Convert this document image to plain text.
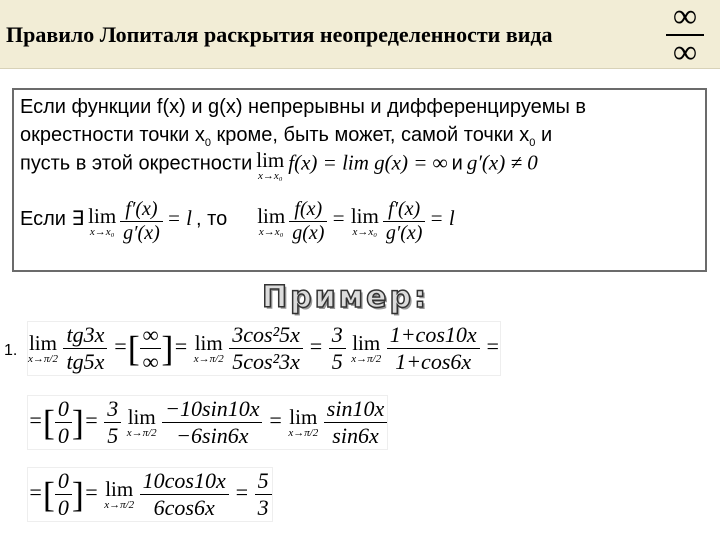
Правило Лопиталя раскрытия неопределенности вида	∞
∞
Если функции f(x) и g(x) непрерывны и дифференцируемы в
окрестности точки $x_0$ кроме, быть может, самой точки $x_0$ и
пусть в этой окрестности lim
x→x₀
f(x) = lim g(x) = ∞ и g′(x) ≠ 0
Если ∃ lim
x→x₀
$\frac{f'(x)}{g'(x)} = l$ , то lim
x→x₀
$\frac{f(x)}{g(x)} = \lim$
x→x₀
$\frac{f'(x)}{g'(x)} = l$
Пример:
1. lim
x→π/2
$\frac{tg3x}{tg5x}$ =[ ∞
∞ ]= lim
x→π/2
$\frac{\text{3cos²5x}}{\text{5cos²3x}} = \frac{3}{5}$ lim
x→π/2
$\frac{1+\cos 10x}{1+\cos 6x}$ =
=[ $\frac{0}{0}$ ]= $\frac{3}{5}$ lim
x→π/2
$\frac{-10\sin 10x}{-6\sin 6x} = \lim$
x→π/2
$\frac{\sin 10x}{\sin 6x}$
=[ $\frac{0}{0}$ ]= lim
x→π/2
$\frac{10\cos 10x}{6\cos 6x} = \frac{5}{3}$
